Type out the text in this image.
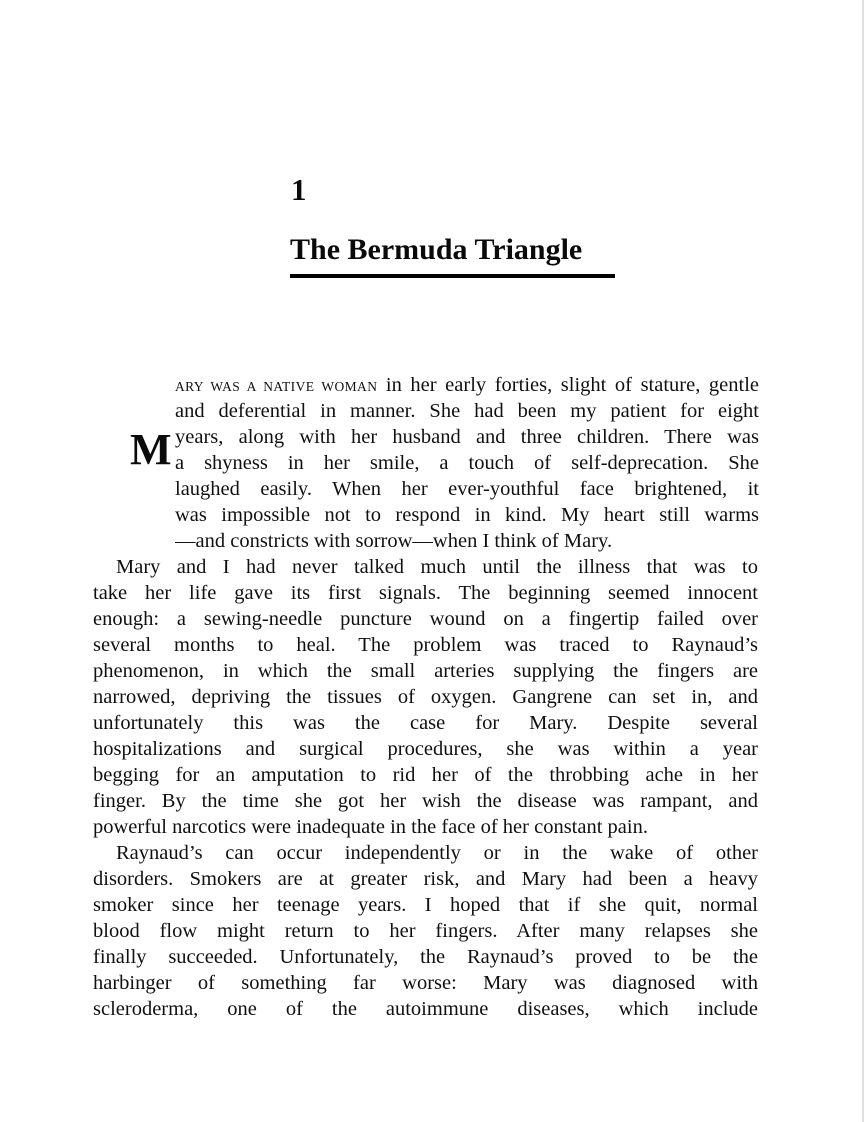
1
The Bermuda Triangle
M
ARY WAS A NATIVE WOMAN in her early forties, slight of stature, gentle
and deferential in manner. She had been my patient for eight
years, along with her husband and three children. There was
a shyness in her smile, a touch of self-deprecation. She
laughed easily. When her ever-youthful face brightened, it
was impossible not to respond in kind. My heart still warms
—and constricts with sorrow—when I think of Mary.
Mary and I had never talked much until the illness that was to
take her life gave its first signals. The beginning seemed innocent
enough: a sewing-needle puncture wound on a fingertip failed over
several months to heal. The problem was traced to Raynaud’s
phenomenon, in which the small arteries supplying the fingers are
narrowed, depriving the tissues of oxygen. Gangrene can set in, and
unfortunately this was the case for Mary. Despite several
hospitalizations and surgical procedures, she was within a year
begging for an amputation to rid her of the throbbing ache in her
finger. By the time she got her wish the disease was rampant, and
powerful narcotics were inadequate in the face of her constant pain.
Raynaud’s can occur independently or in the wake of other
disorders. Smokers are at greater risk, and Mary had been a heavy
smoker since her teenage years. I hoped that if she quit, normal
blood flow might return to her fingers. After many relapses she
finally succeeded. Unfortunately, the Raynaud’s proved to be the
harbinger of something far worse: Mary was diagnosed with
scleroderma, one of the autoimmune diseases, which include
